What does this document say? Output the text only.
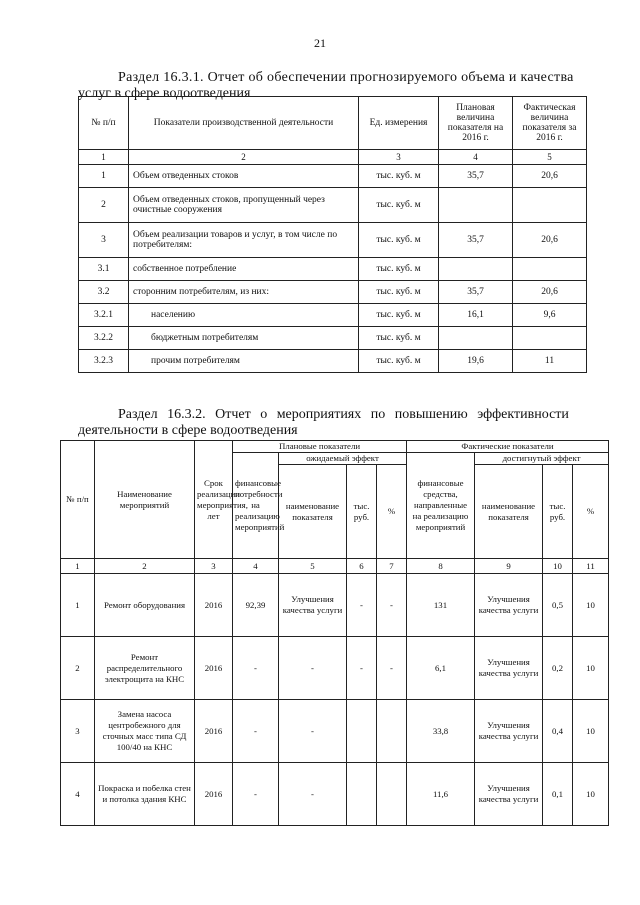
21
Раздел 16.3.1. Отчет об обеспечении прогнозируемого объема и качества
услуг в сфере водоотведения
№ п/п	Показатели производственной деятельности	Ед. измерения	Плановая величина показателя на 2016 г.	Фактическая величина показателя за 2016 г.
1	2	3	4	5
1	Объем отведенных стоков	тыс. куб. м	35,7	20,6
2	Объем отведенных стоков, пропущенный через очистные сооружения	тыс. куб. м		
3	Объем реализации товаров и услуг, в том числе по потребителям:	тыс. куб. м	35,7	20,6
3.1	собственное потребление	тыс. куб. м		
3.2	сторонним потребителям, из них:	тыс. куб. м	35,7	20,6
3.2.1	населению	тыс. куб. м	16,1	9,6
3.2.2	бюджетным потребителям	тыс. куб. м		
3.2.3	прочим потребителям	тыс. куб. м	19,6	11
Раздел 16.3.2. Отчет о мероприятиях по повышению эффективности
деятельности в сфере водоотведения
№ п/п	Наименование мероприятий	Срок реализации мероприятия, лет	Плановые показатели				Фактические показатели			
			финансовые потребности на реализацию мероприятий	ожидаемый эффект			финансовые средства, направленные на реализацию мероприятий	достигнутый эффект		
				наименование показателя	тыс. руб.	%		наименование показателя	тыс. руб.	%
1	2	3	4	5	6	7	8	9	10	11
1	Ремонт оборудования	2016	92,39	Улучшения качества услуги	-	-	131	Улучшения качества услуги	0,5	10
2	Ремонт распределительного электрощита на КНС	2016	-	-	-	-	6,1	Улучшения качества услуги	0,2	10
3	Замена насоса центробежного для сточных масс типа СД 100/40 на КНС	2016	-	-			33,8	Улучшения качества услуги	0,4	10
4	Покраска и побелка стен и потолка здания КНС	2016	-	-			11,6	Улучшения качества услуги	0,1	10
